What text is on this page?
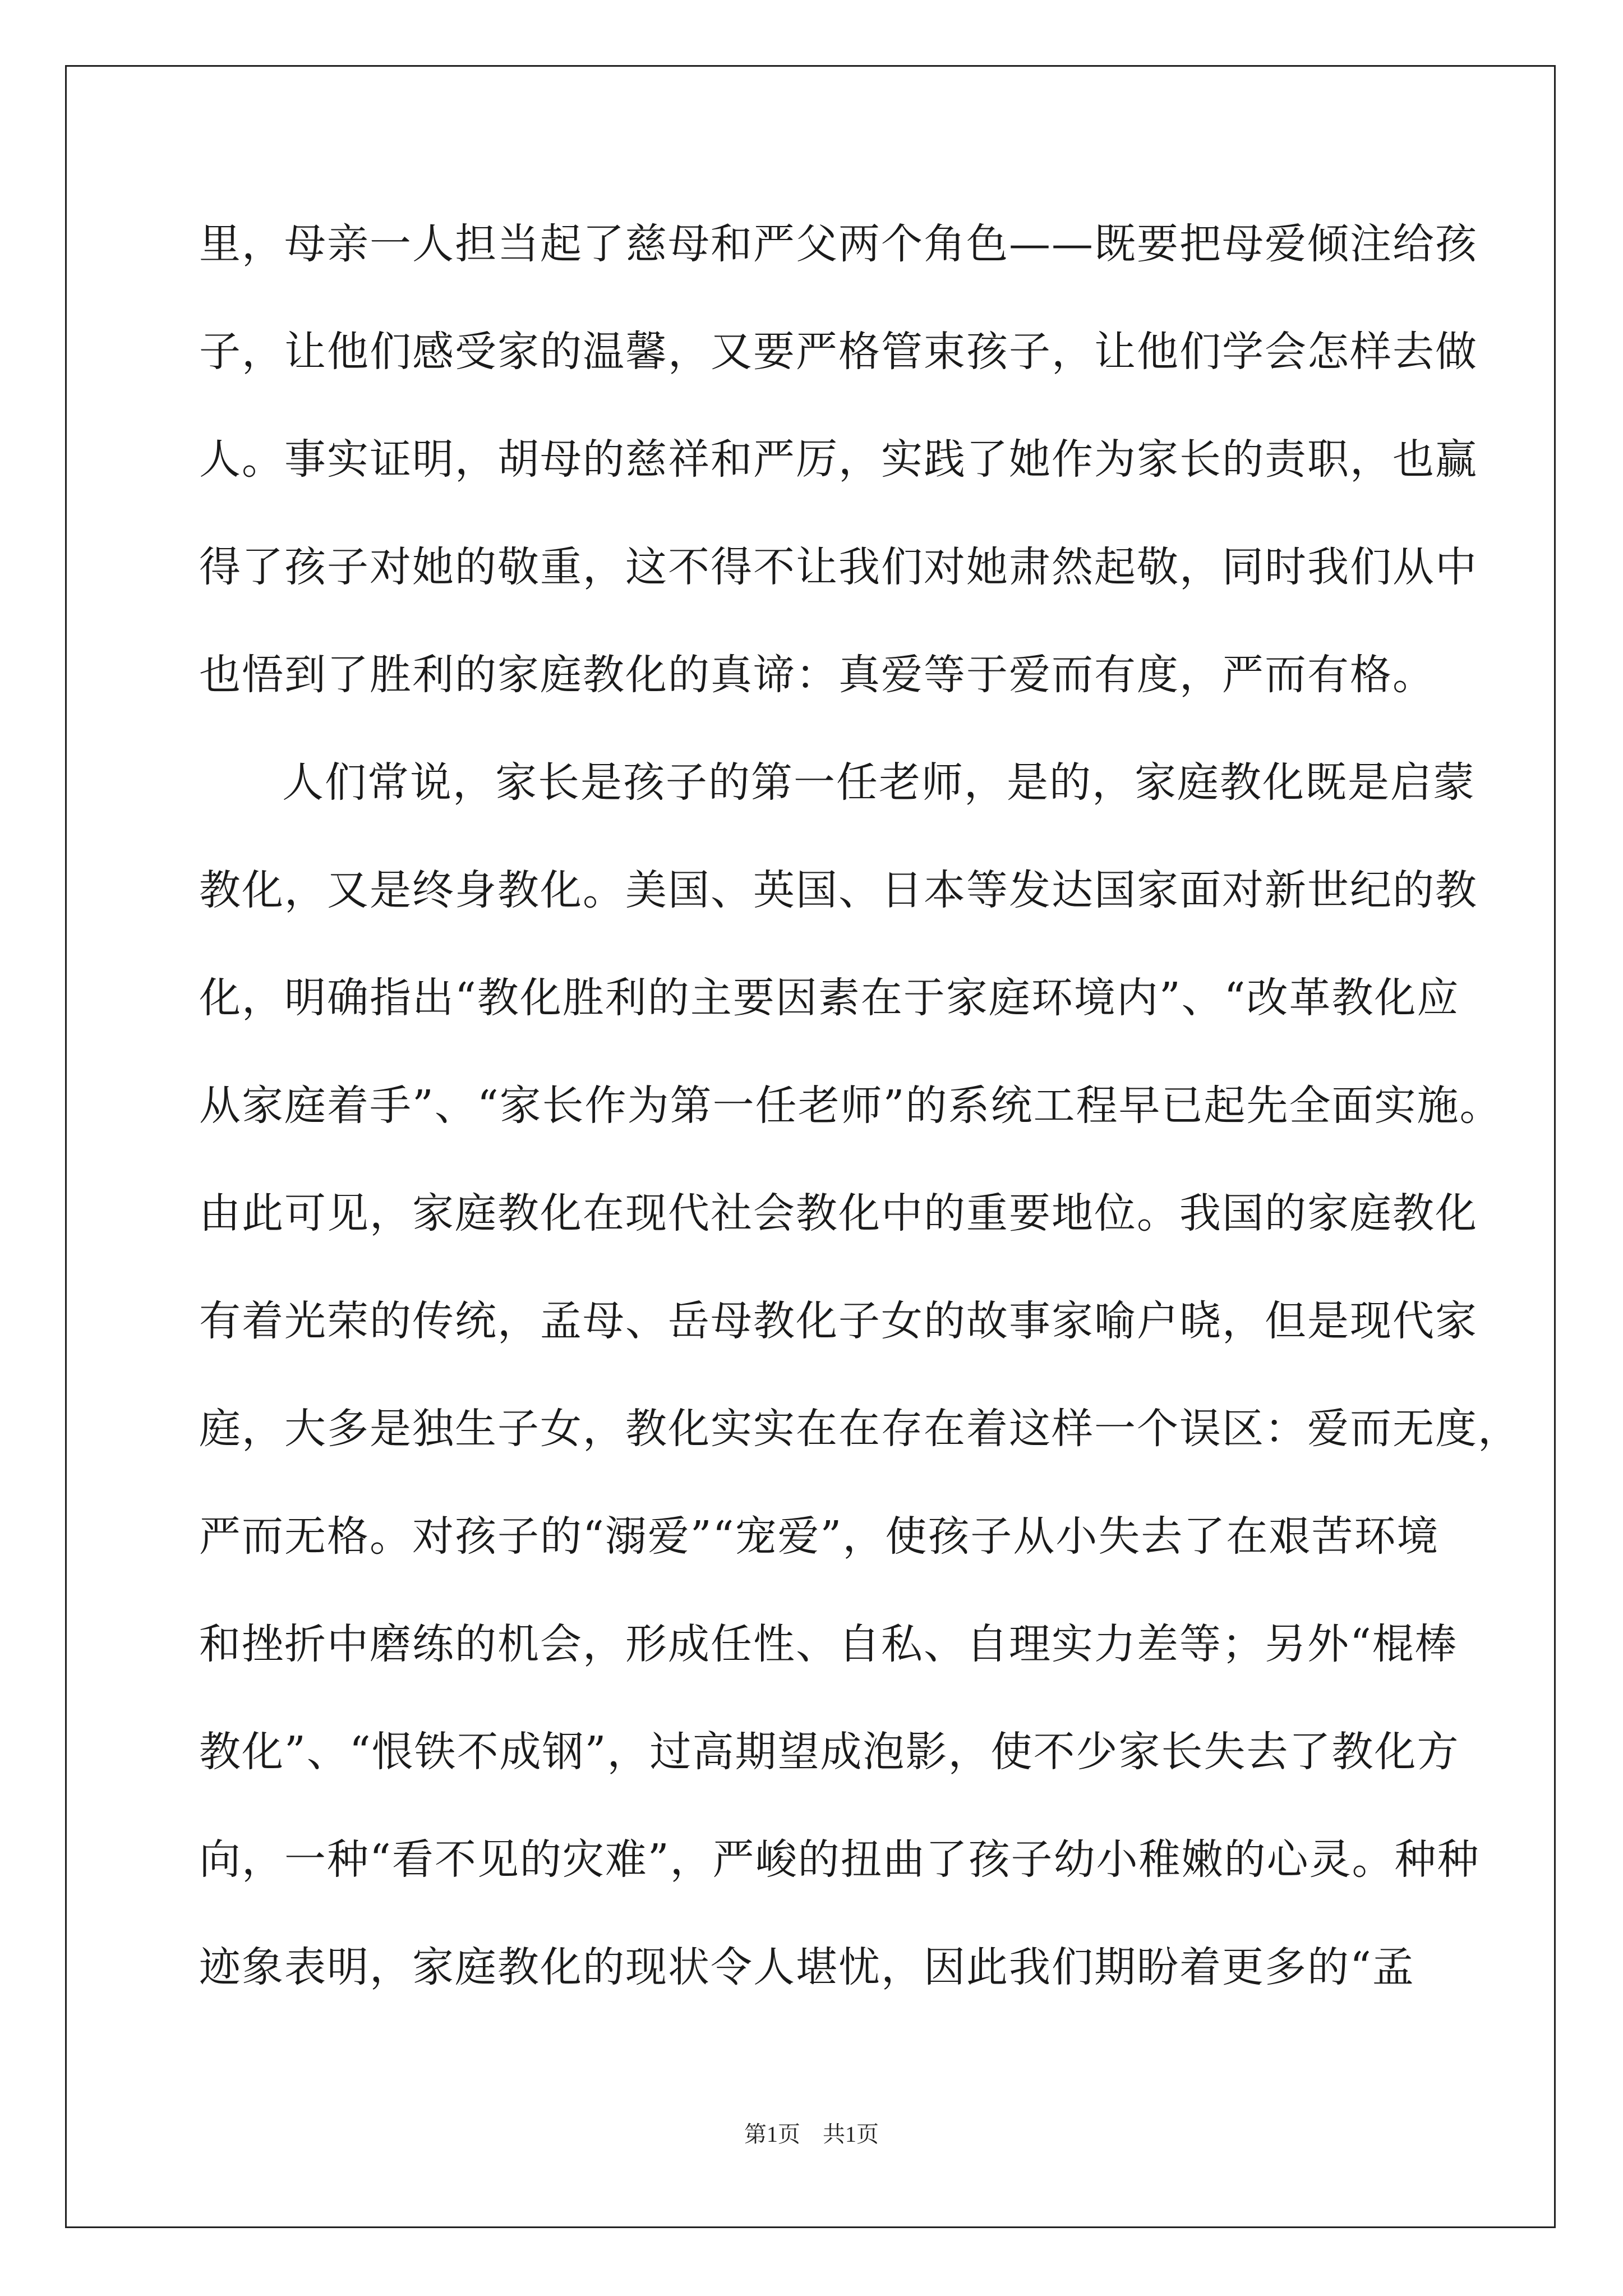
里，母亲一人担当起了慈母和严父两个角色——既要把母爱倾注给孩
子，让他们感受家的温馨，又要严格管束孩子，让他们学会怎样去做
人。事实证明，胡母的慈祥和严厉，实践了她作为家长的责职，也赢
得了孩子对她的敬重，这不得不让我们对她肃然起敬，同时我们从中
也悟到了胜利的家庭教化的真谛：真爱等于爱而有度，严而有格。
人们常说，家长是孩子的第一任老师，是的，家庭教化既是启蒙
教化，又是终身教化。美国、英国、日本等发达国家面对新世纪的教
化，明确指出“教化胜利的主要因素在于家庭环境内”、“改革教化应
从家庭着手”、“家长作为第一任老师”的系统工程早已起先全面实施。
由此可见，家庭教化在现代社会教化中的重要地位。我国的家庭教化
有着光荣的传统，孟母、岳母教化子女的故事家喻户晓，但是现代家
庭，大多是独生子女，教化实实在在存在着这样一个误区：爱而无度，
严而无格。对孩子的“溺爱”“宠爱”，使孩子从小失去了在艰苦环境
和挫折中磨练的机会，形成任性、自私、自理实力差等；另外“棍棒
教化”、“恨铁不成钢”，过高期望成泡影，使不少家长失去了教化方
向，一种“看不见的灾难”，严峻的扭曲了孩子幼小稚嫩的心灵。种种
迹象表明，家庭教化的现状令人堪忧，因此我们期盼着更多的“孟
第1页 共1页
